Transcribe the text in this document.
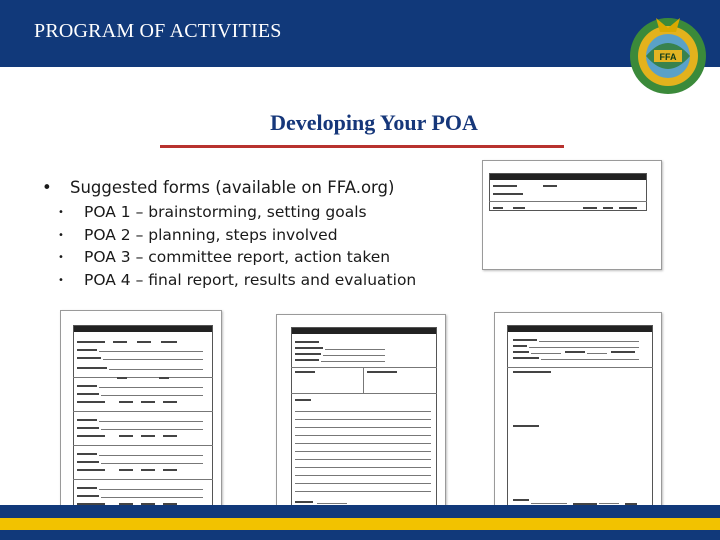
PROGRAM OF ACTIVITIES
FFA
Developing Your POA
• Suggested forms (available on FFA.org)
• POA 1 – brainstorming, setting goals
• POA 2 – planning, steps involved
• POA 3 – committee report, action taken
• POA 4 – final report, results and evaluation
